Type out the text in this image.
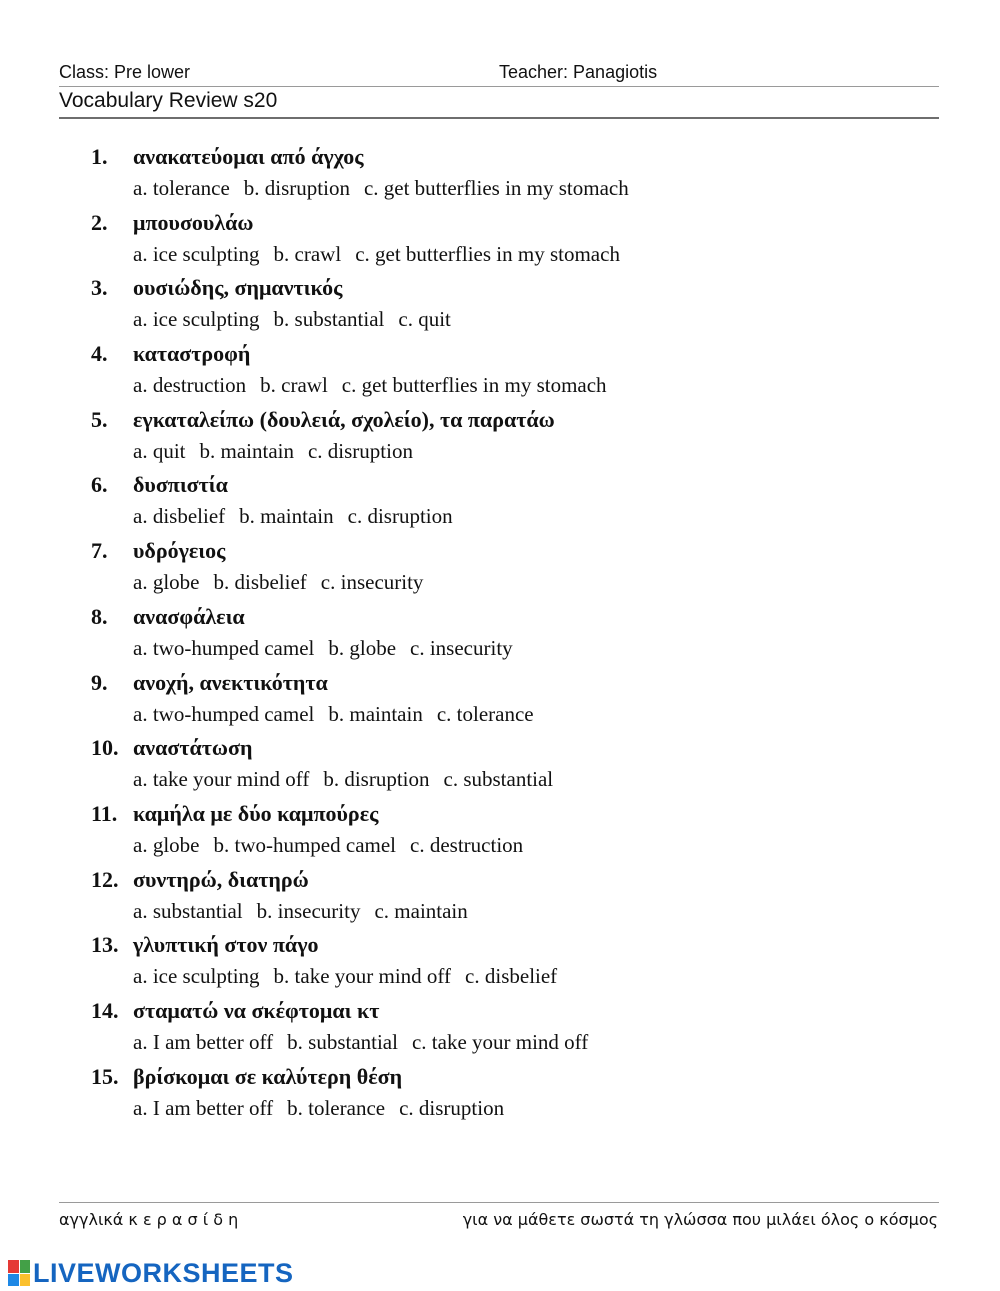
Class: Pre lower	Teacher: Panagiotis
Vocabulary Review s20
1. ανακατεύομαι από άγχος
a. tolerance b. disruption c. get butterflies in my stomach
2. μπουσουλάω
a. ice sculpting b. crawl c. get butterflies in my stomach
3. ουσιώδης, σημαντικός
a. ice sculpting b. substantial c. quit
4. καταστροφή
a. destruction b. crawl c. get butterflies in my stomach
5. εγκαταλείπω (δουλειά, σχολείο), τα παρατάω
a. quit b. maintain c. disruption
6. δυσπιστία
a. disbelief b. maintain c. disruption
7. υδρόγειος
a. globe b. disbelief c. insecurity
8. ανασφάλεια
a. two-humped camel b. globe c. insecurity
9. ανοχή, ανεκτικότητα
a. two-humped camel b. maintain c. tolerance
10. αναστάτωση
a. take your mind off b. disruption c. substantial
11. καμήλα με δύο καμπούρες
a. globe b. two-humped camel c. destruction
12. συντηρώ, διατηρώ
a. substantial b. insecurity c. maintain
13. γλυπτική στον πάγο
a. ice sculpting b. take your mind off c. disbelief
14. σταματώ να σκέφτομαι κτ
a. I am better off b. substantial c. take your mind off
15. βρίσκομαι σε καλύτερη θέση
a. I am better off b. tolerance c. disruption
αγγλικά κ ε ρ α σ ί δ η	για να μάθετε σωστά τη γλώσσα που μιλάει όλος ο κόσμος
LIVEWORKSHEETS
